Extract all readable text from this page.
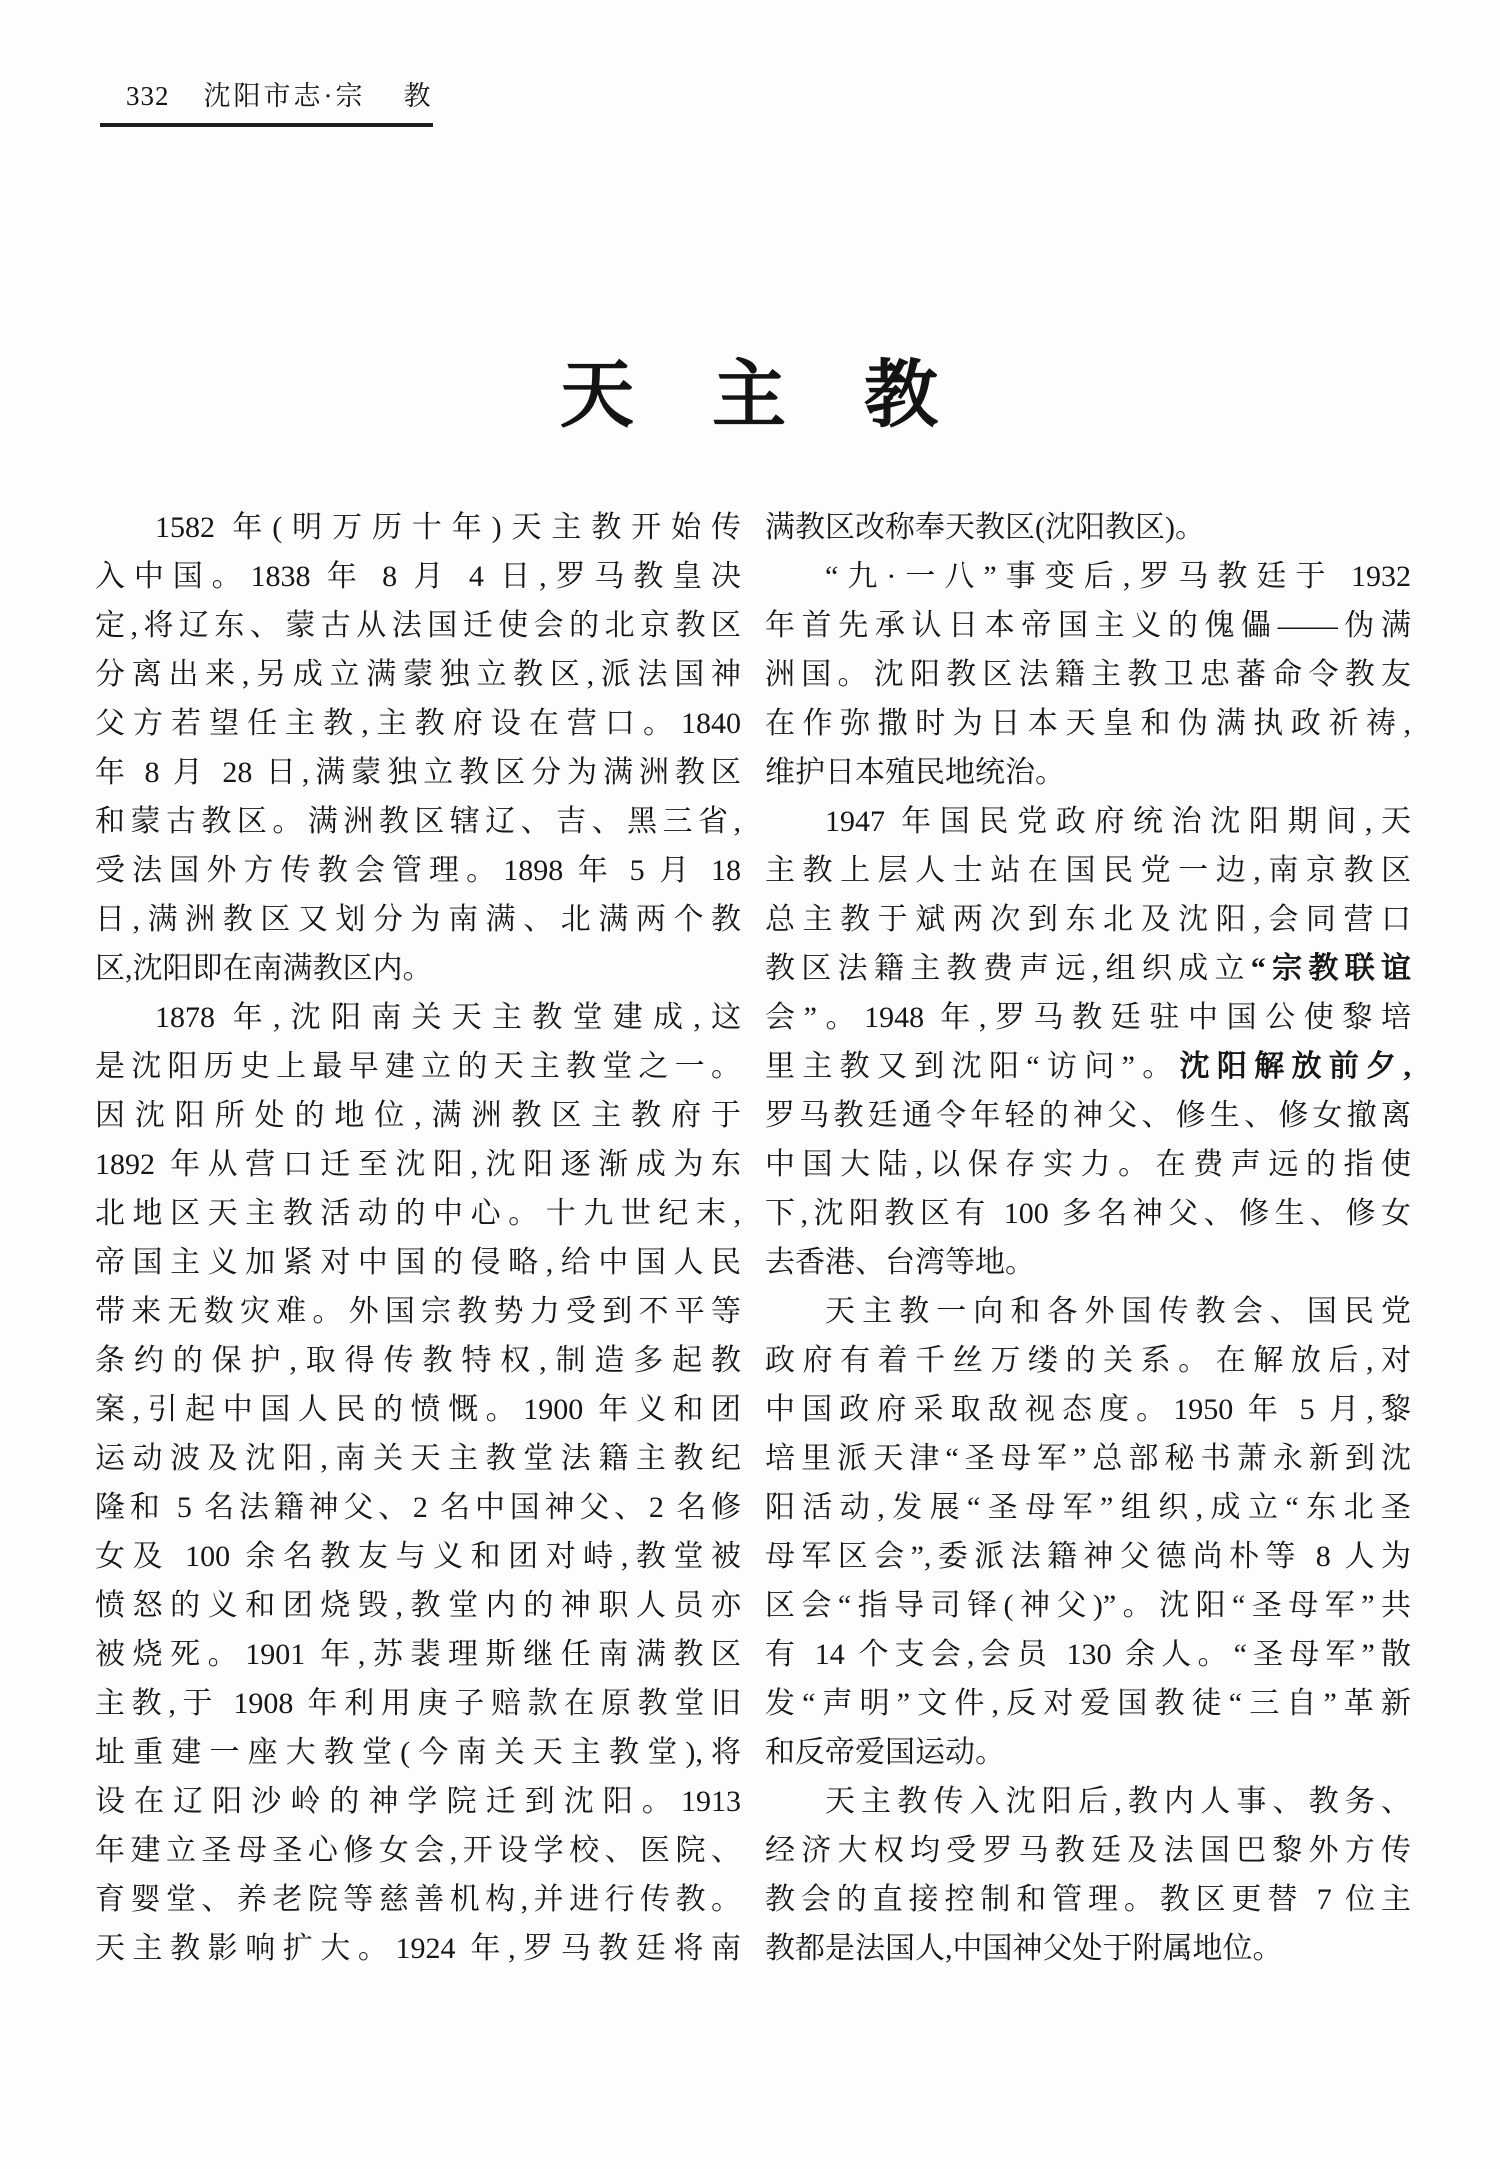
332 沈阳市志·宗 教
天　主　教
1582 年(明万历十年)天主教开始传
入中国。1838 年 8 月 4 日,罗马教皇决
定,将辽东、蒙古从法国迁使会的北京教区
分离出来,另成立满蒙独立教区,派法国神
父方若望任主教,主教府设在营口。1840
年 8 月 28 日,满蒙独立教区分为满洲教区
和蒙古教区。满洲教区辖辽、吉、黑三省,
受法国外方传教会管理。1898 年 5 月 18
日,满洲教区又划分为南满、北满两个教
区,沈阳即在南满教区内。
1878 年,沈阳南关天主教堂建成,这
是沈阳历史上最早建立的天主教堂之一。
因沈阳所处的地位,满洲教区主教府于
1892 年从营口迁至沈阳,沈阳逐渐成为东
北地区天主教活动的中心。十九世纪末,
帝国主义加紧对中国的侵略,给中国人民
带来无数灾难。外国宗教势力受到不平等
条约的保护,取得传教特权,制造多起教
案,引起中国人民的愤慨。1900 年义和团
运动波及沈阳,南关天主教堂法籍主教纪
隆和 5 名法籍神父、2 名中国神父、2 名修
女及 100 余名教友与义和团对峙,教堂被
愤怒的义和团烧毁,教堂内的神职人员亦
被烧死。1901 年,苏裴理斯继任南满教区
主教,于 1908 年利用庚子赔款在原教堂旧
址重建一座大教堂(今南关天主教堂),将
设在辽阳沙岭的神学院迁到沈阳。1913
年建立圣母圣心修女会,开设学校、医院、
育婴堂、养老院等慈善机构,并进行传教。
天主教影响扩大。1924 年,罗马教廷将南
满教区改称奉天教区(沈阳教区)。
“九·一八”事变后,罗马教廷于 1932
年首先承认日本帝国主义的傀儡——伪满
洲国。沈阳教区法籍主教卫忠蕃命令教友
在作弥撒时为日本天皇和伪满执政祈祷,
维护日本殖民地统治。
1947 年国民党政府统治沈阳期间,天
主教上层人士站在国民党一边,南京教区
总主教于斌两次到东北及沈阳,会同营口
教区法籍主教费声远,组织成立“宗教联谊
会”。1948 年,罗马教廷驻中国公使黎培
里主教又到沈阳“访问”。沈阳解放前夕,
罗马教廷通令年轻的神父、修生、修女撤离
中国大陆,以保存实力。在费声远的指使
下,沈阳教区有 100 多名神父、修生、修女
去香港、台湾等地。
天主教一向和各外国传教会、国民党
政府有着千丝万缕的关系。在解放后,对
中国政府采取敌视态度。1950 年 5 月,黎
培里派天津“圣母军”总部秘书萧永新到沈
阳活动,发展“圣母军”组织,成立“东北圣
母军区会”,委派法籍神父德尚朴等 8 人为
区会“指导司铎(神父)”。沈阳“圣母军”共
有 14 个支会,会员 130 余人。“圣母军”散
发“声明”文件,反对爱国教徒“三自”革新
和反帝爱国运动。
天主教传入沈阳后,教内人事、教务、
经济大权均受罗马教廷及法国巴黎外方传
教会的直接控制和管理。教区更替 7 位主
教都是法国人,中国神父处于附属地位。
